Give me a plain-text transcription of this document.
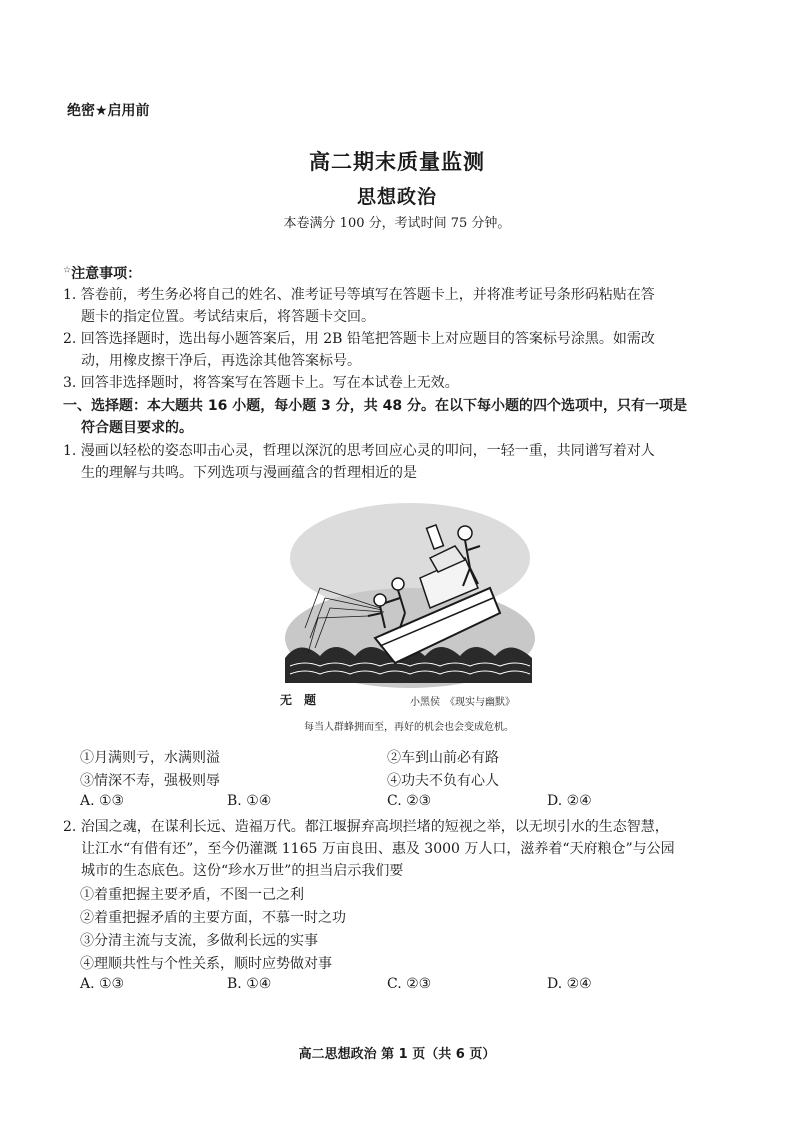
绝密★启用前
高二期末质量监测
思想政治
本卷满分 100 分，考试时间 75 分钟。
☆注意事项：
1. 答卷前，考生务必将自己的姓名、准考证号等填写在答题卡上，并将准考证号条形码粘贴在答
题卡的指定位置。考试结束后，将答题卡交回。
2. 回答选择题时，选出每小题答案后，用 2B 铅笔把答题卡上对应题目的答案标号涂黑。如需改
动，用橡皮擦干净后，再选涂其他答案标号。
3. 回答非选择题时，将答案写在答题卡上。写在本试卷上无效。
一、选择题：本大题共 16 小题，每小题 3 分，共 48 分。在以下每小题的四个选项中，只有一项是
符合题目要求的。
1. 漫画以轻松的姿态叩击心灵，哲理以深沉的思考回应心灵的叩问，一轻一重，共同谱写着对人
生的理解与共鸣。下列选项与漫画蕴含的哲理相近的是
无　题	小黑侯　《现实与幽默》
每当人群蜂拥而至，再好的机会也会变成危机。
①月满则亏，水满则溢	②车到山前必有路
③情深不寿，强极则辱	④功夫不负有心人
A. ①③	B. ①④	C. ②③	D. ②④
2. 治国之魂，在谋利长远、造福万代。都江堰摒弃高坝拦堵的短视之举，以无坝引水的生态智慧，
让江水“有借有还”，至今仍灌溉 1165 万亩良田、惠及 3000 万人口，滋养着“天府粮仓”与公园
城市的生态底色。这份“珍水万世”的担当启示我们要
①着重把握主要矛盾，不图一己之利
②着重把握矛盾的主要方面，不慕一时之功
③分清主流与支流，多做利长远的实事
④理顺共性与个性关系，顺时应势做对事
A. ①③	B. ①④	C. ②③	D. ②④
高二思想政治 第 1 页（共 6 页）
